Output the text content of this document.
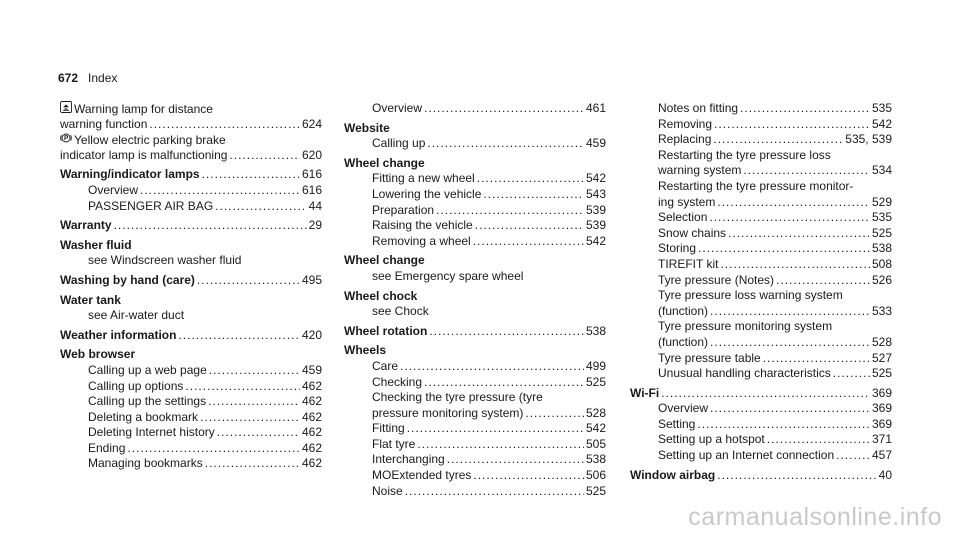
672 Index
Warning lamp for distance
warning function .....	624
Yellow electric parking brake
indicator lamp is malfunctioning .....	620
Warning/indicator lamps .....	616
Overview .....	616
PASSENGER AIR BAG .....	44
Warranty .....	29
Washer fluid
see Windscreen washer fluid
Washing by hand (care) .....	495
Water tank
see Air-water duct
Weather information .....	420
Web browser
Calling up a web page .....	459
Calling up options .....	462
Calling up the settings .....	462
Deleting a bookmark .....	462
Deleting Internet history .....	462
Ending .....	462
Managing bookmarks .....	462
Overview .....	461
Website
Calling up .....	459
Wheel change
Fitting a new wheel .....	542
Lowering the vehicle .....	543
Preparation .....	539
Raising the vehicle .....	539
Removing a wheel .....	542
Wheel change
see Emergency spare wheel
Wheel chock
see Chock
Wheel rotation .....	538
Wheels
Care .....	499
Checking .....	525
Checking the tyre pressure (tyre
pressure monitoring system) .....	528
Fitting .....	542
Flat tyre .....	505
Interchanging .....	538
MOExtended tyres .....	506
Noise .....	525
Notes on fitting .....	535
Removing .....	542
Replacing .....	535, 539
Restarting the tyre pressure loss
warning system .....	534
Restarting the tyre pressure monitor-
ing system .....	529
Selection .....	535
Snow chains .....	525
Storing .....	538
TIREFIT kit .....	508
Tyre pressure (Notes) .....	526
Tyre pressure loss warning system
(function) .....	533
Tyre pressure monitoring system
(function) .....	528
Tyre pressure table .....	527
Unusual handling characteristics .....	525
Wi-Fi .....	369
Overview .....	369
Setting .....	369
Setting up a hotspot .....	371
Setting up an Internet connection .....	457
Window airbag .....	40
carmanualsonline.info
